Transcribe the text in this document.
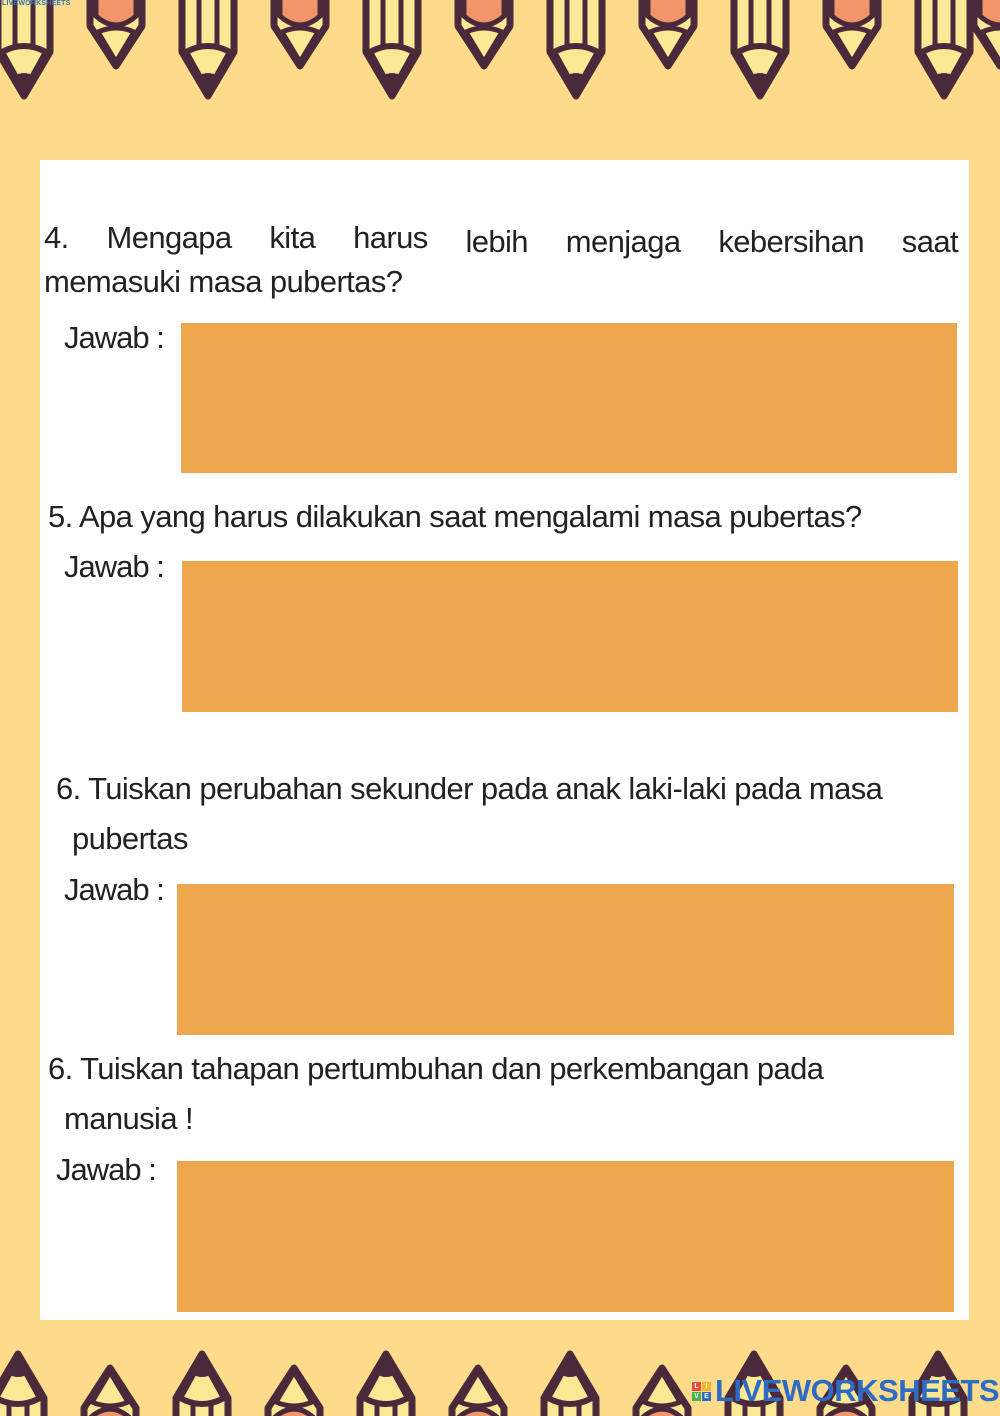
LIVEWORKSHEETS
4. Mengapa kita harus lebih menjaga kebersihan saat
memasuki masa pubertas?
Jawab :
5. Apa yang harus dilakukan saat mengalami masa pubertas?
Jawab :
6. Tuiskan perubahan sekunder pada anak laki-laki pada masa
pubertas
Jawab :
6. Tuiskan tahapan pertumbuhan dan perkembangan pada
manusia !
Jawab :
L I
V E LIVEWORKSHEETS
